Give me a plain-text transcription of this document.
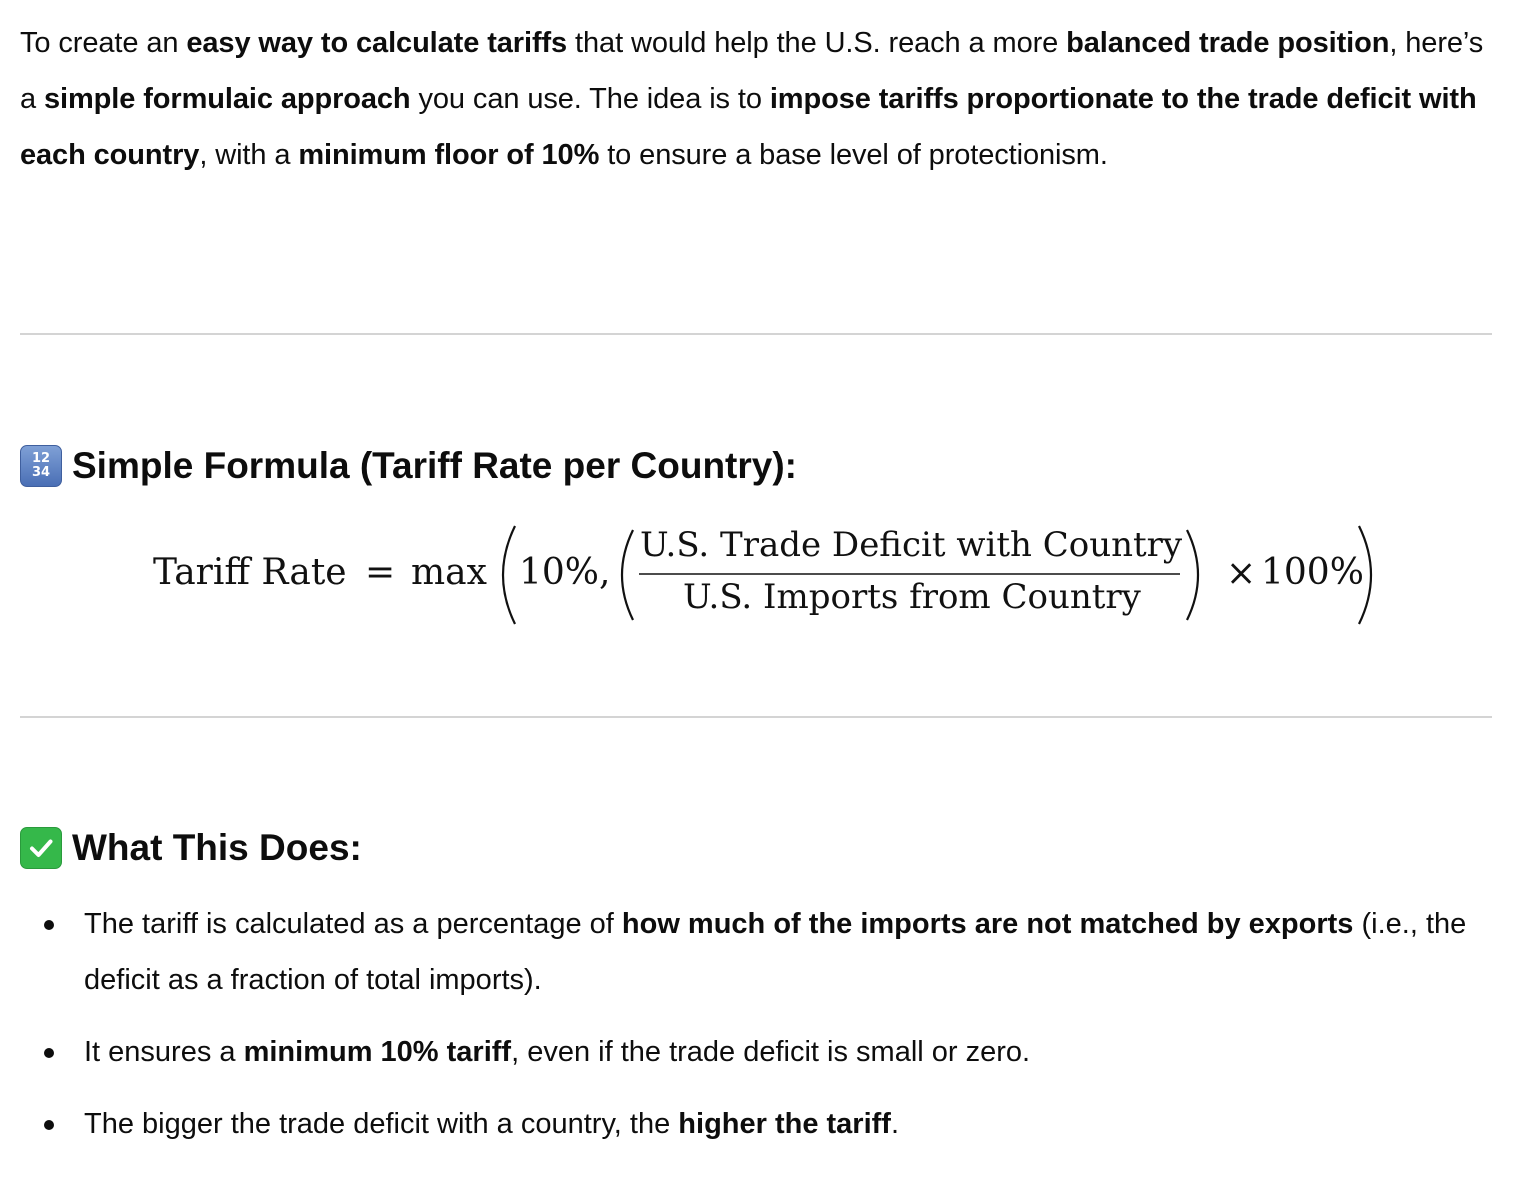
To create an easy way to calculate tariffs that would help the U.S. reach a more balanced trade position, here’s a simple formulaic approach you can use. The idea is to impose tariffs proportionate to the trade deficit with each country, with a minimum floor of 10% to ensure a base level of protectionism.

12
34 Simple Formula (Tariff Rate per Country):
Tariff Rate = max 10%,
U.S. Trade Deficit with Country
U.S. Imports from Country
× 100%
What This Does:
The tariff is calculated as a percentage of how much of the imports are not matched by exports (i.e., the deficit as a fraction of total imports).
It ensures a minimum 10% tariff, even if the trade deficit is small or zero.
The bigger the trade deficit with a country, the higher the tariff.
